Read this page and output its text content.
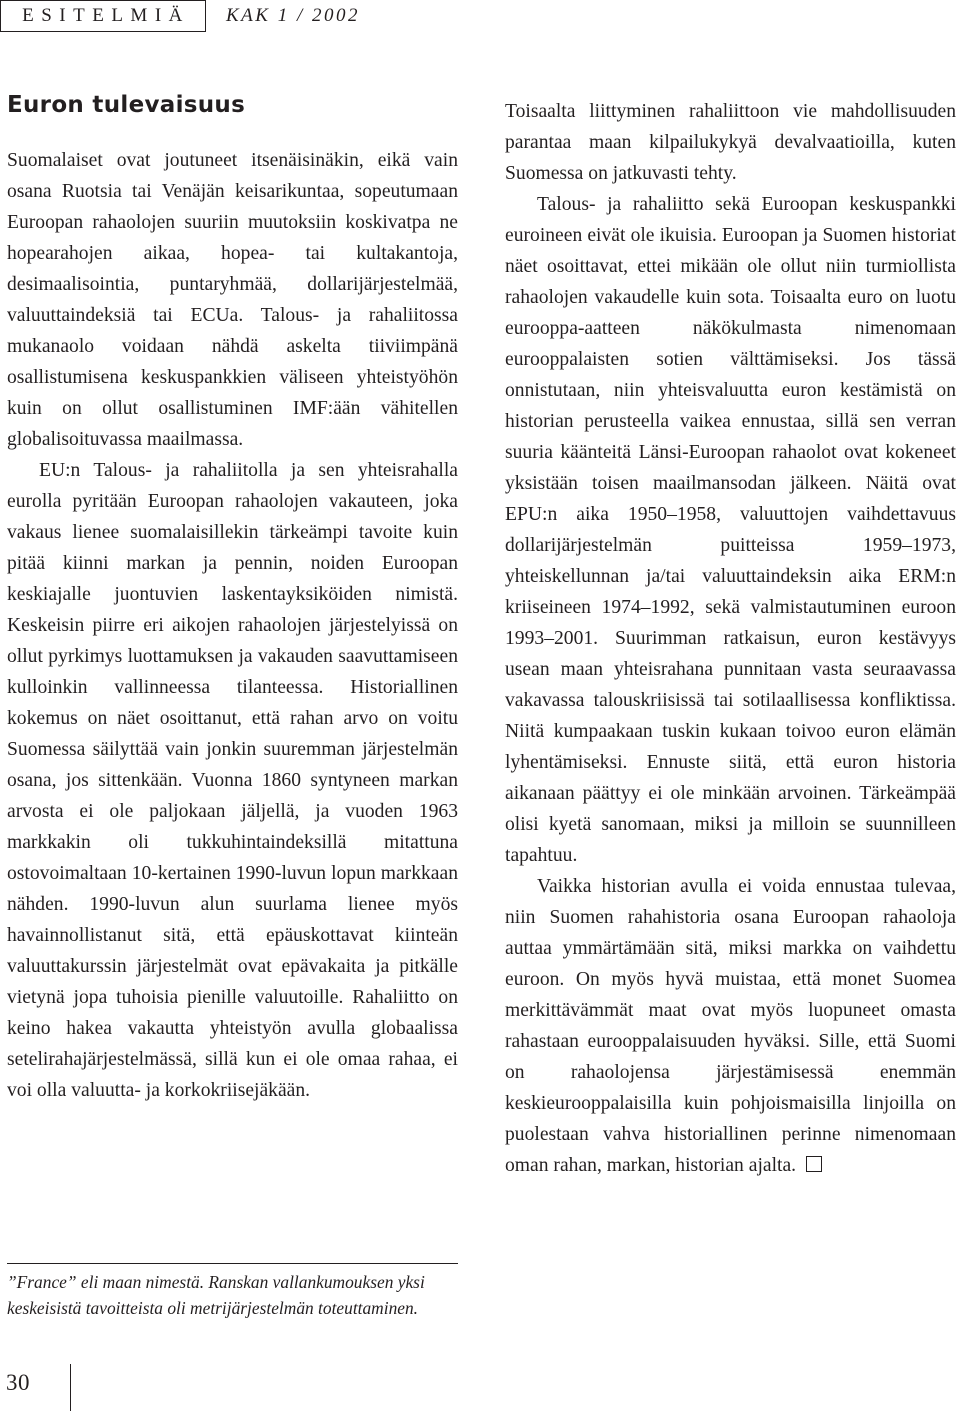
ESITELMIÄ KAK 1 / 2002
Euron tulevaisuus

Suomalaiset ovat joutuneet itsenäisinäkin, eikä vain osana Ruotsia tai Venäjän keisarikuntaa, sopeutumaan Euroopan rahaolojen suuriin muutoksiin koskivatpa ne hopearahojen aikaa, hopea- tai kultakantoja, desimaalisointia, puntaryhmää, dollarijärjestelmää, valuuttaindeksiä tai ECUa. Talous- ja rahaliitossa mukanaolo voidaan nähdä askelta tiiviimpänä osallistumisena keskuspankkien väliseen yhteistyöhön kuin on ollut osallistuminen IMF:ään vähitellen globalisoituvassa maailmassa.

EU:n Talous- ja rahaliitolla ja sen yhteisrahalla eurolla pyritään Euroopan rahaolojen vakauteen, joka vakaus lienee suomalaisillekin tärkeämpi tavoite kuin pitää kiinni markan ja pennin, noiden Euroopan keskiajalle juontuvien laskentayksiköiden nimistä. Keskeisin piirre eri aikojen rahaolojen järjestelyissä on ollut pyrkimys luottamuksen ja vakauden saavuttamiseen kulloinkin vallinneessa tilanteessa. Historiallinen kokemus on näet osoittanut, että rahan arvo on voitu Suomessa säilyttää vain jonkin suuremman järjestelmän osana, jos sittenkään. Vuonna 1860 syntyneen markan arvosta ei ole paljokaan jäljellä, ja vuoden 1963 markkakin oli tukkuhintaindeksillä mitattuna ostovoimaltaan 10-kertainen 1990-luvun lopun markkaan nähden. 1990-luvun alun suurlama lienee myös havainnollistanut sitä, että epäuskottavat kiinteän valuuttakurssin järjestelmät ovat epävakaita ja pitkälle vietynä jopa tuhoisia pienille valuutoille. Rahaliitto on keino hakea vakautta yhteistyön avulla globaalissa setelirahajärjestelmässä, sillä kun ei ole omaa rahaa, ei voi olla valuutta- ja korkokriisejäkään.

”France” eli maan nimestä. Ranskan vallankumouksen yksi keskeisistä tavoitteista oli metrijärjestelmän toteuttaminen.

Toisaalta liittyminen rahaliittoon vie mahdollisuuden parantaa maan kilpailukykyä devalvaatioilla, kuten Suomessa on jatkuvasti tehty.

Talous- ja rahaliitto sekä Euroopan keskuspankki euroineen eivät ole ikuisia. Euroopan ja Suomen historiat näet osoittavat, ettei mikään ole ollut niin turmiollista rahaolojen vakaudelle kuin sota. Toisaalta euro on luotu eurooppa-aatteen näkökulmasta nimenomaan eurooppalaisten sotien välttämiseksi. Jos tässä onnistutaan, niin yhteisvaluutta euron kestämistä on historian perusteella vaikea ennustaa, sillä sen verran suuria käänteitä Länsi-Euroopan rahaolot ovat kokeneet yksistään toisen maailmansodan jälkeen. Näitä ovat EPU:n aika 1950–1958, valuuttojen vaihdettavuus dollarijärjestelmän puitteissa 1959–1973, yhteiskellunnan ja/tai valuuttaindeksin aika ERM:n kriiseineen 1974–1992, sekä valmistautuminen euroon 1993–2001. Suurimman ratkaisun, euron kestävyys usean maan yhteisrahana punnitaan vasta seuraavassa vakavassa talouskriisissä tai sotilaallisessa konfliktissa. Niitä kumpaakaan tuskin kukaan toivoo euron elämän lyhentämiseksi. Ennuste siitä, että euron historia aikanaan päättyy ei ole minkään arvoinen. Tärkeämpää olisi kyetä sanomaan, miksi ja milloin se suunnilleen tapahtuu.

Vaikka historian avulla ei voida ennustaa tulevaa, niin Suomen rahahistoria osana Euroopan rahaoloja auttaa ymmärtämään sitä, miksi markka on vaihdettu euroon. On myös hyvä muistaa, että monet Suomea merkittävämmät maat ovat myös luopuneet omasta rahastaan eurooppalaisuuden hyväksi. Sille, että Suomi on rahaolojensa järjestämisessä enemmän keskieurooppalaisilla kuin pohjoismaisilla linjoilla on puolestaan vahva historiallinen perinne nimenomaan oman rahan, markan, historian ajalta.

30
